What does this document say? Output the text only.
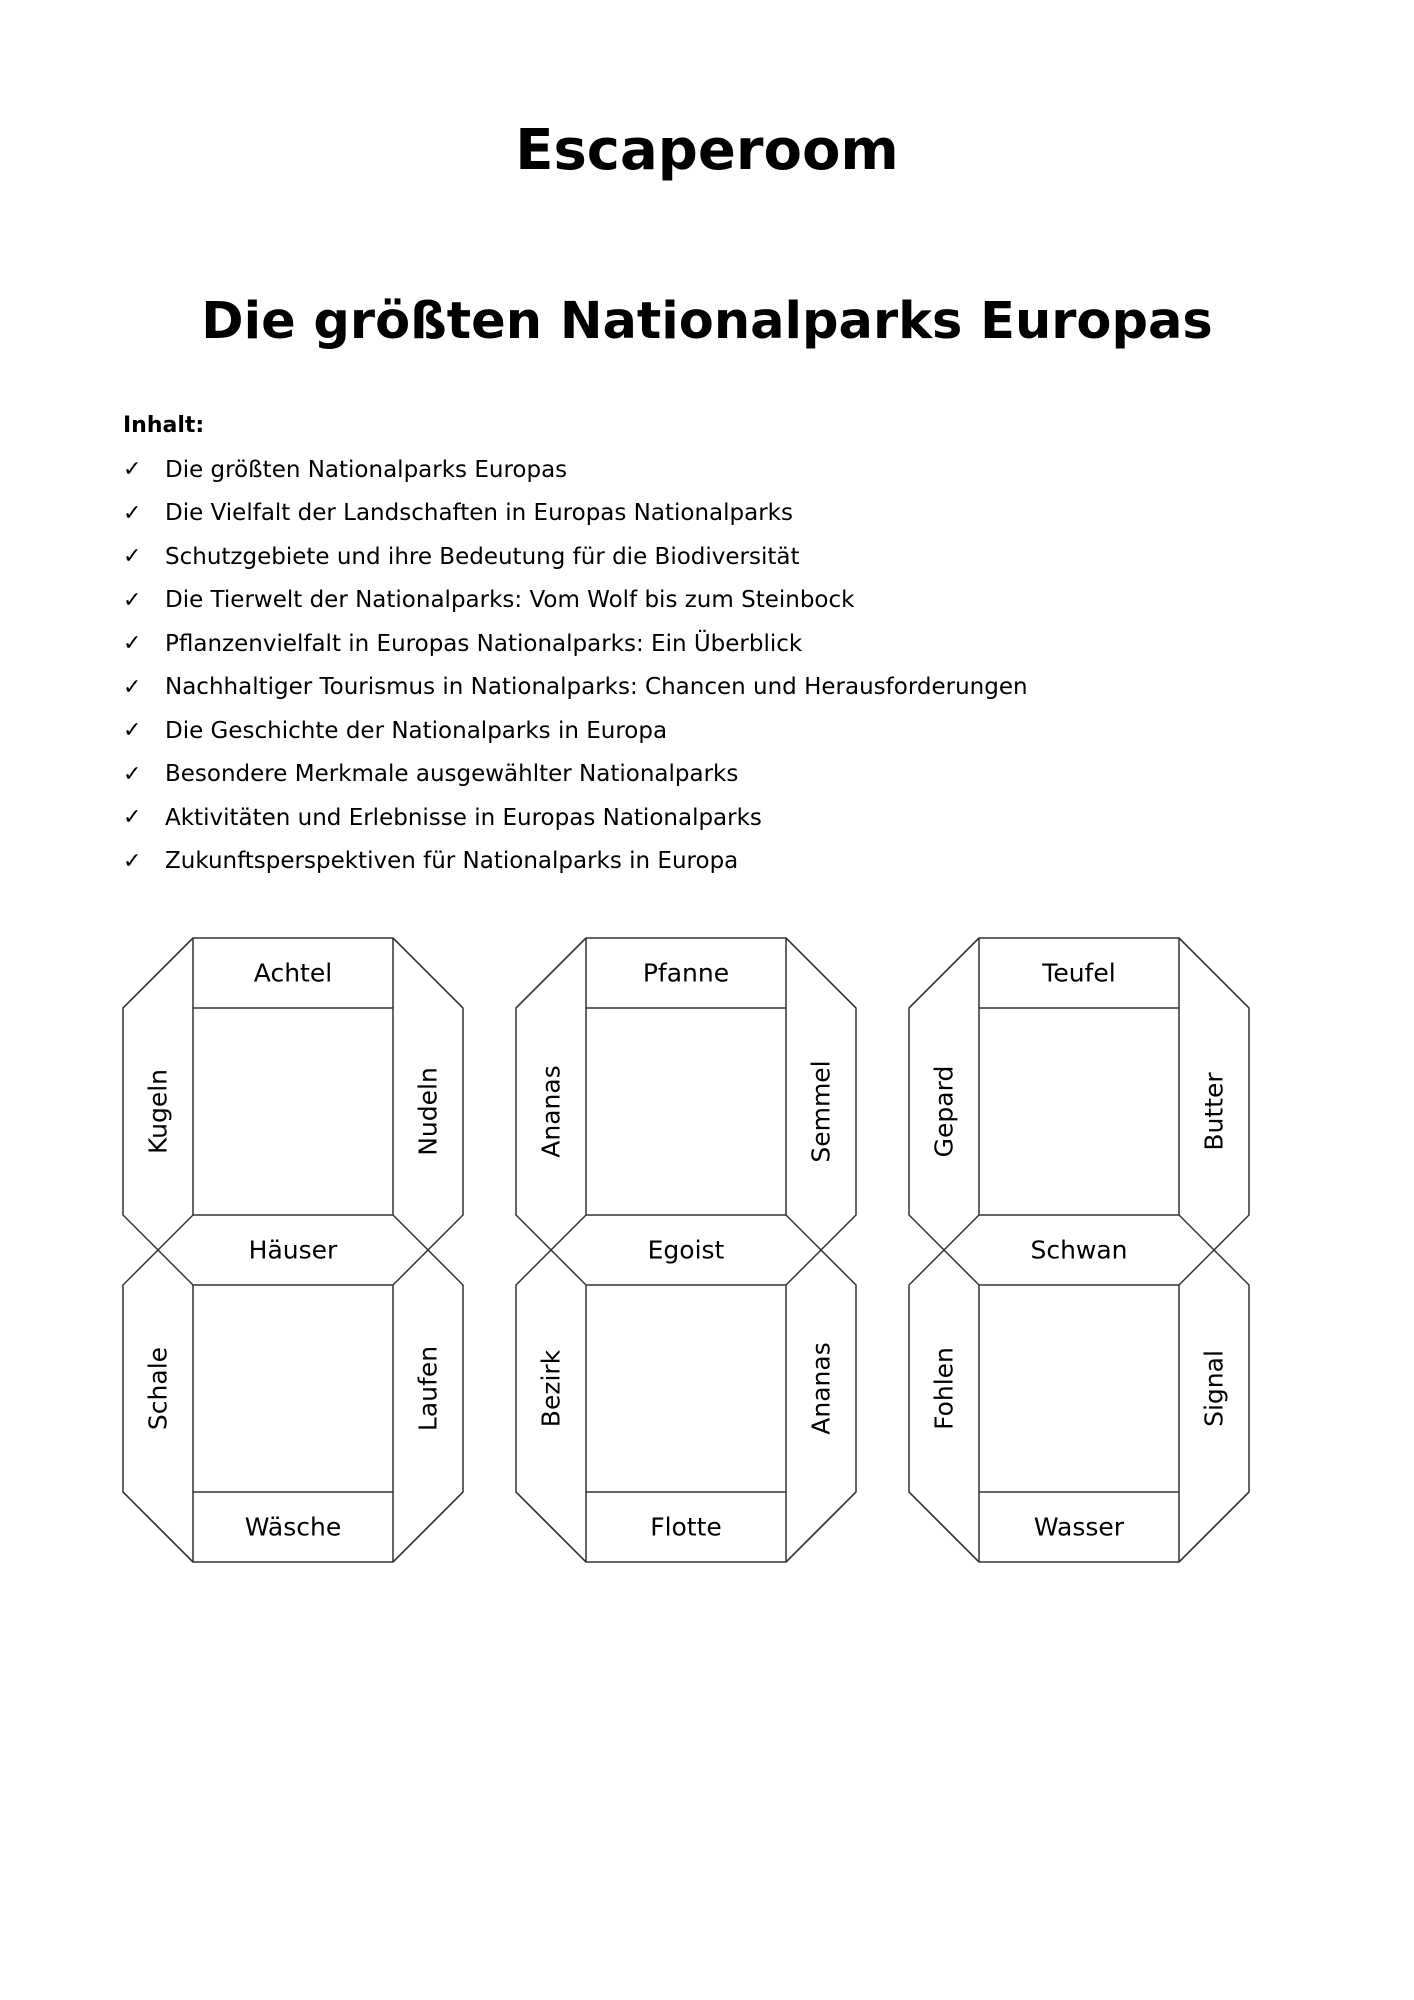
Escaperoom
Die größten Nationalparks Europas

Inhalt:

✓	Die größten Nationalparks Europas
✓	Die Vielfalt der Landschaften in Europas Nationalparks
✓	Schutzgebiete und ihre Bedeutung für die Biodiversität
✓	Die Tierwelt der Nationalparks: Vom Wolf bis zum Steinbock
✓	Pflanzenvielfalt in Europas Nationalparks: Ein Überblick
✓	Nachhaltiger Tourismus in Nationalparks: Chancen und Herausforderungen
✓	Die Geschichte der Nationalparks in Europa
✓	Besondere Merkmale ausgewählter Nationalparks
✓	Aktivitäten und Erlebnisse in Europas Nationalparks
✓	Zukunftsperspektiven für Nationalparks in Europa
Achtel
Häuser
Wäsche
Kugeln	Nudeln
Schale	Laufen
Pfanne
Egoist
Flotte
Ananas	Semmel
Bezirk	Ananas
Teufel
Schwan
Wasser
Gepard	Butter
Fohlen	Signal
